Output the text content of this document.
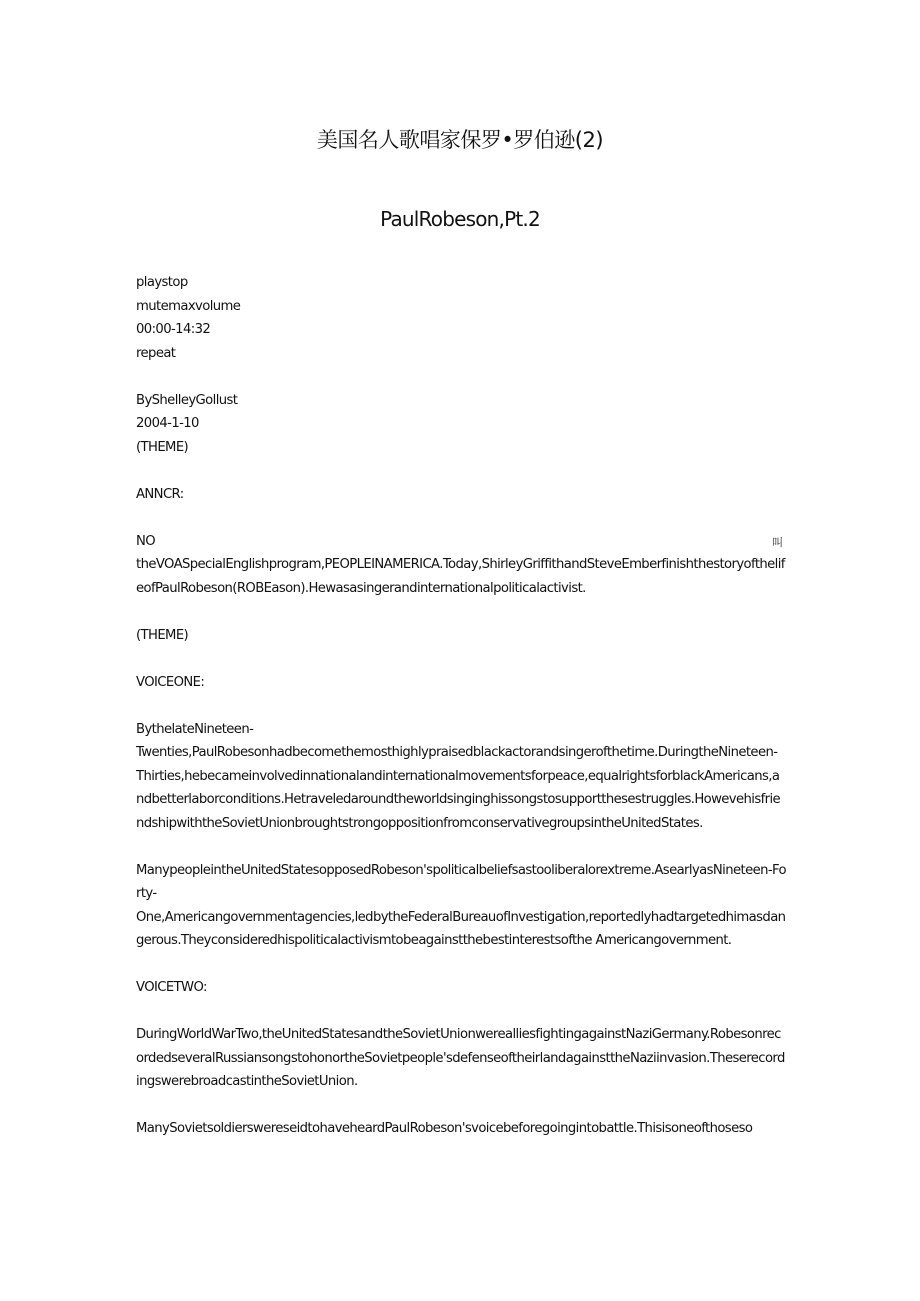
美国名人歌唱家保罗•罗伯逊(2)
PaulRobeson,Pt.2
叫
playstop
mutemaxvolume
00:00-14:32
repeat
ByShelleyGollust
2004-1-10
(THEME)
ANNCR:
NO
theVOASpecialEnglishprogram,PEOPLEINAMERICA.Today,ShirleyGriffithandSteveEmberfinishthestoryofthelifeofPaulRobeson(ROBEason).Hewasasingerandinternationalpoliticalactivist.
(THEME)
VOICEONE:
BythelateNineteen-
Twenties,PaulRobesonhadbecomethemosthighlypraisedblackactorandsingerofthetime.DuringtheNineteen-
Thirties,hebecameinvolvedinnationalandinternationalmovementsforpeace,equalrightsforblackAmericans,andbetterlaborconditions.Hetraveledaroundtheworldsinginghissongstosupportthesestruggles.HowevehisfriendshipwiththeSovietUnionbroughtstrongoppositionfromconservativegroupsintheUnitedStates.
ManypeopleintheUnitedStatesopposedRobeson'spoliticalbeliefsastooliberalorextreme.AsearlyasNineteen-Forty-
One,Americangovernmentagencies,ledbytheFederalBureauofInvestigation,reportedlyhadtargetedhimasdangerous.Theyconsideredhispoliticalactivismtobeagainstthebestinterestsofthe Americangovernment.
VOICETWO:
DuringWorldWarTwo,theUnitedStatesandtheSovietUnionwerealliesfightingagainstNaziGermany.RobesonrecordedseveralRussiansongstohonortheSovietpeople'sdefenseoftheirlandagainsttheNaziinvasion.TheserecordingswerebroadcastintheSovietUnion.
ManySovietsoldierswereseidtohaveheardPaulRobeson'svoicebeforegoingintobattle.Thisisoneofthoseso
